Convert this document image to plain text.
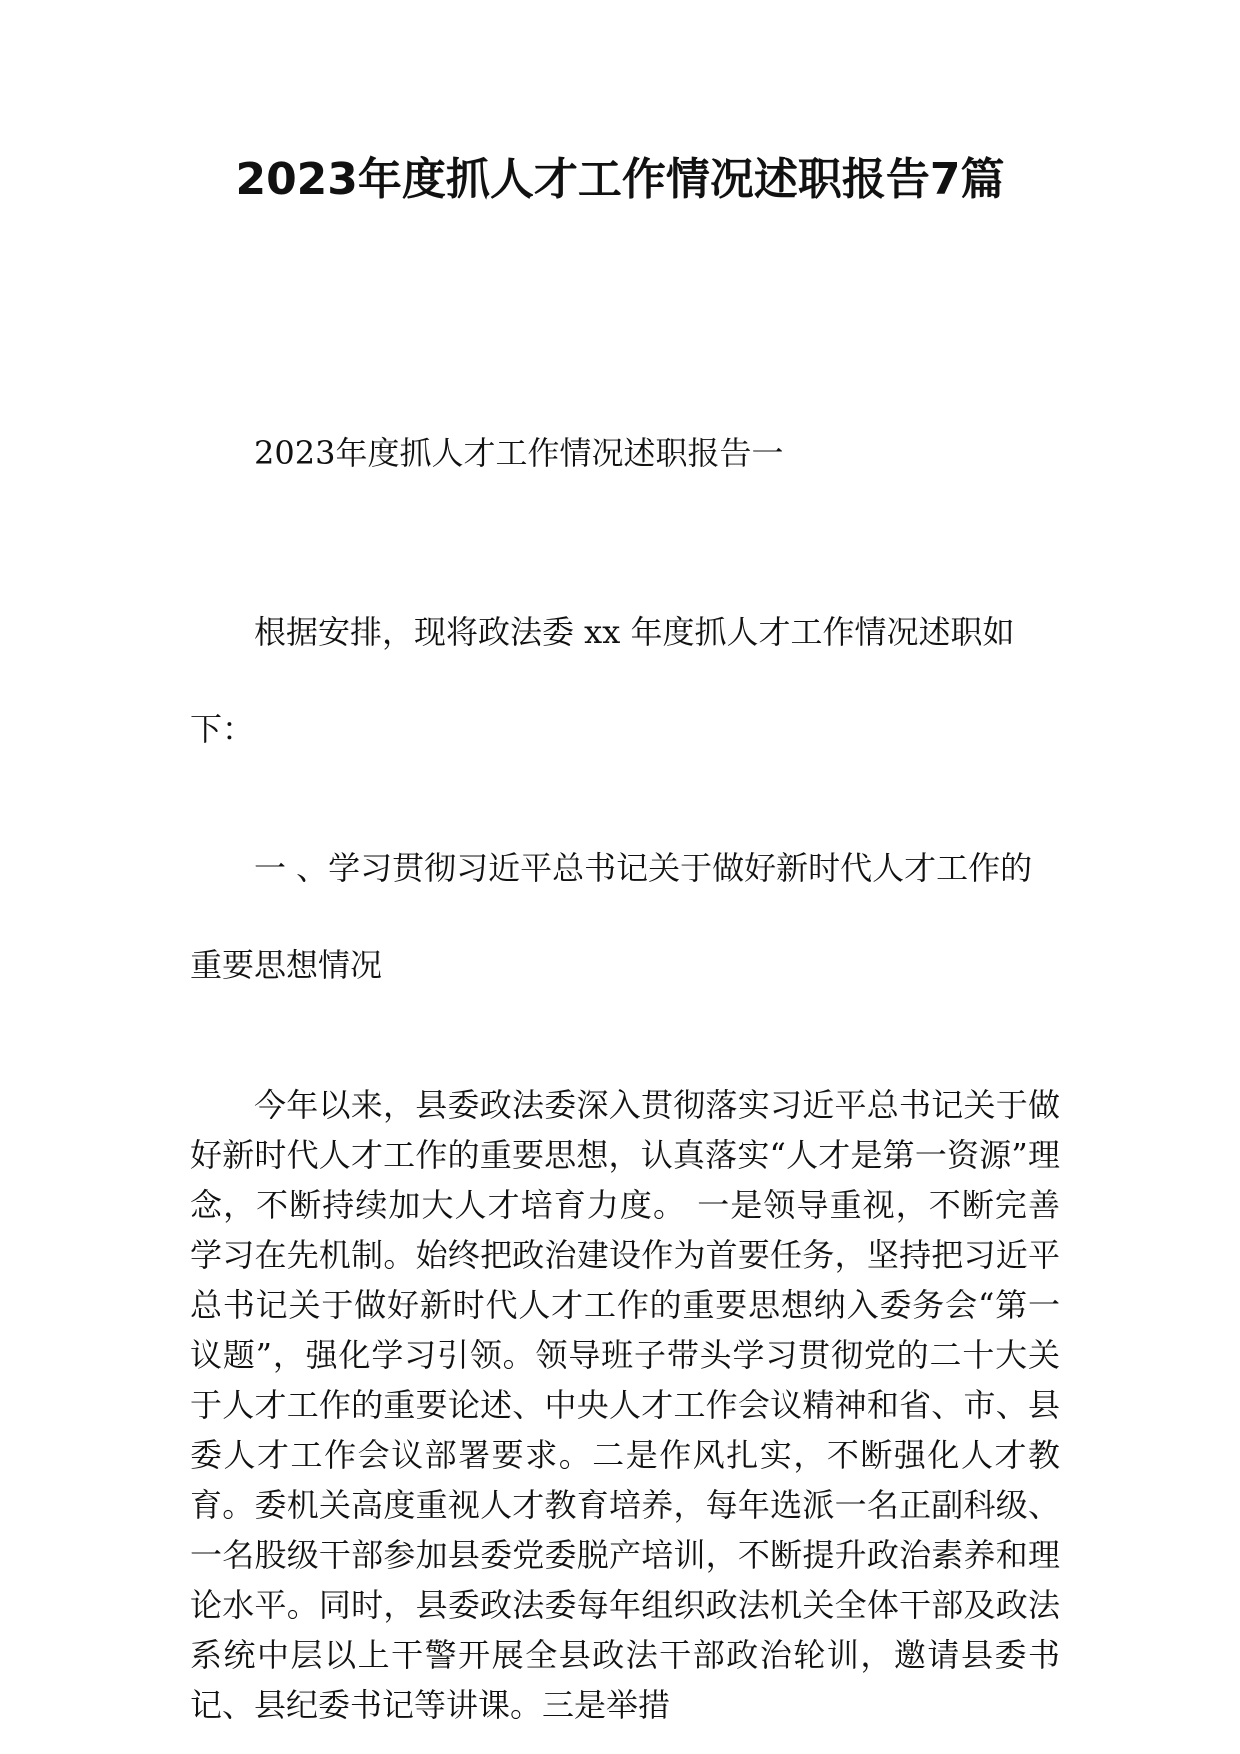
2023年度抓人才工作情况述职报告7篇

2023年度抓人才工作情况述职报告一

根据安排，现将政法委 xx 年度抓人才工作情况述职如下：

一 、学习贯彻习近平总书记关于做好新时代人才工作的重要思想情况

今年以来，县委政法委深入贯彻落实习近平总书记关于做好新时代人才工作的重要思想，认真落实“人才是第一资源”理念，不断持续加大人才培育力度。 一是领导重视，不断完善学习在先机制。始终把政治建设作为首要任务，坚持把习近平总书记关于做好新时代人才工作的重要思想纳入委务会“第一议题”，强化学习引领。领导班子带头学习贯彻党的二十大关于人才工作的重要论述、中央人才工作会议精神和省、市、县委人才工作会议部署要求。二是作风扎实，不断强化人才教育。委机关高度重视人才教育培养，每年选派一名正副科级、 一名股级干部参加县委党委脱产培训，不断提升政治素养和理论水平。同时，县委政法委每年组织政法机关全体干部及政法系统中层以上干警开展全县政法干部政治轮训，邀请县委书记、县纪委书记等讲课。三是举措
